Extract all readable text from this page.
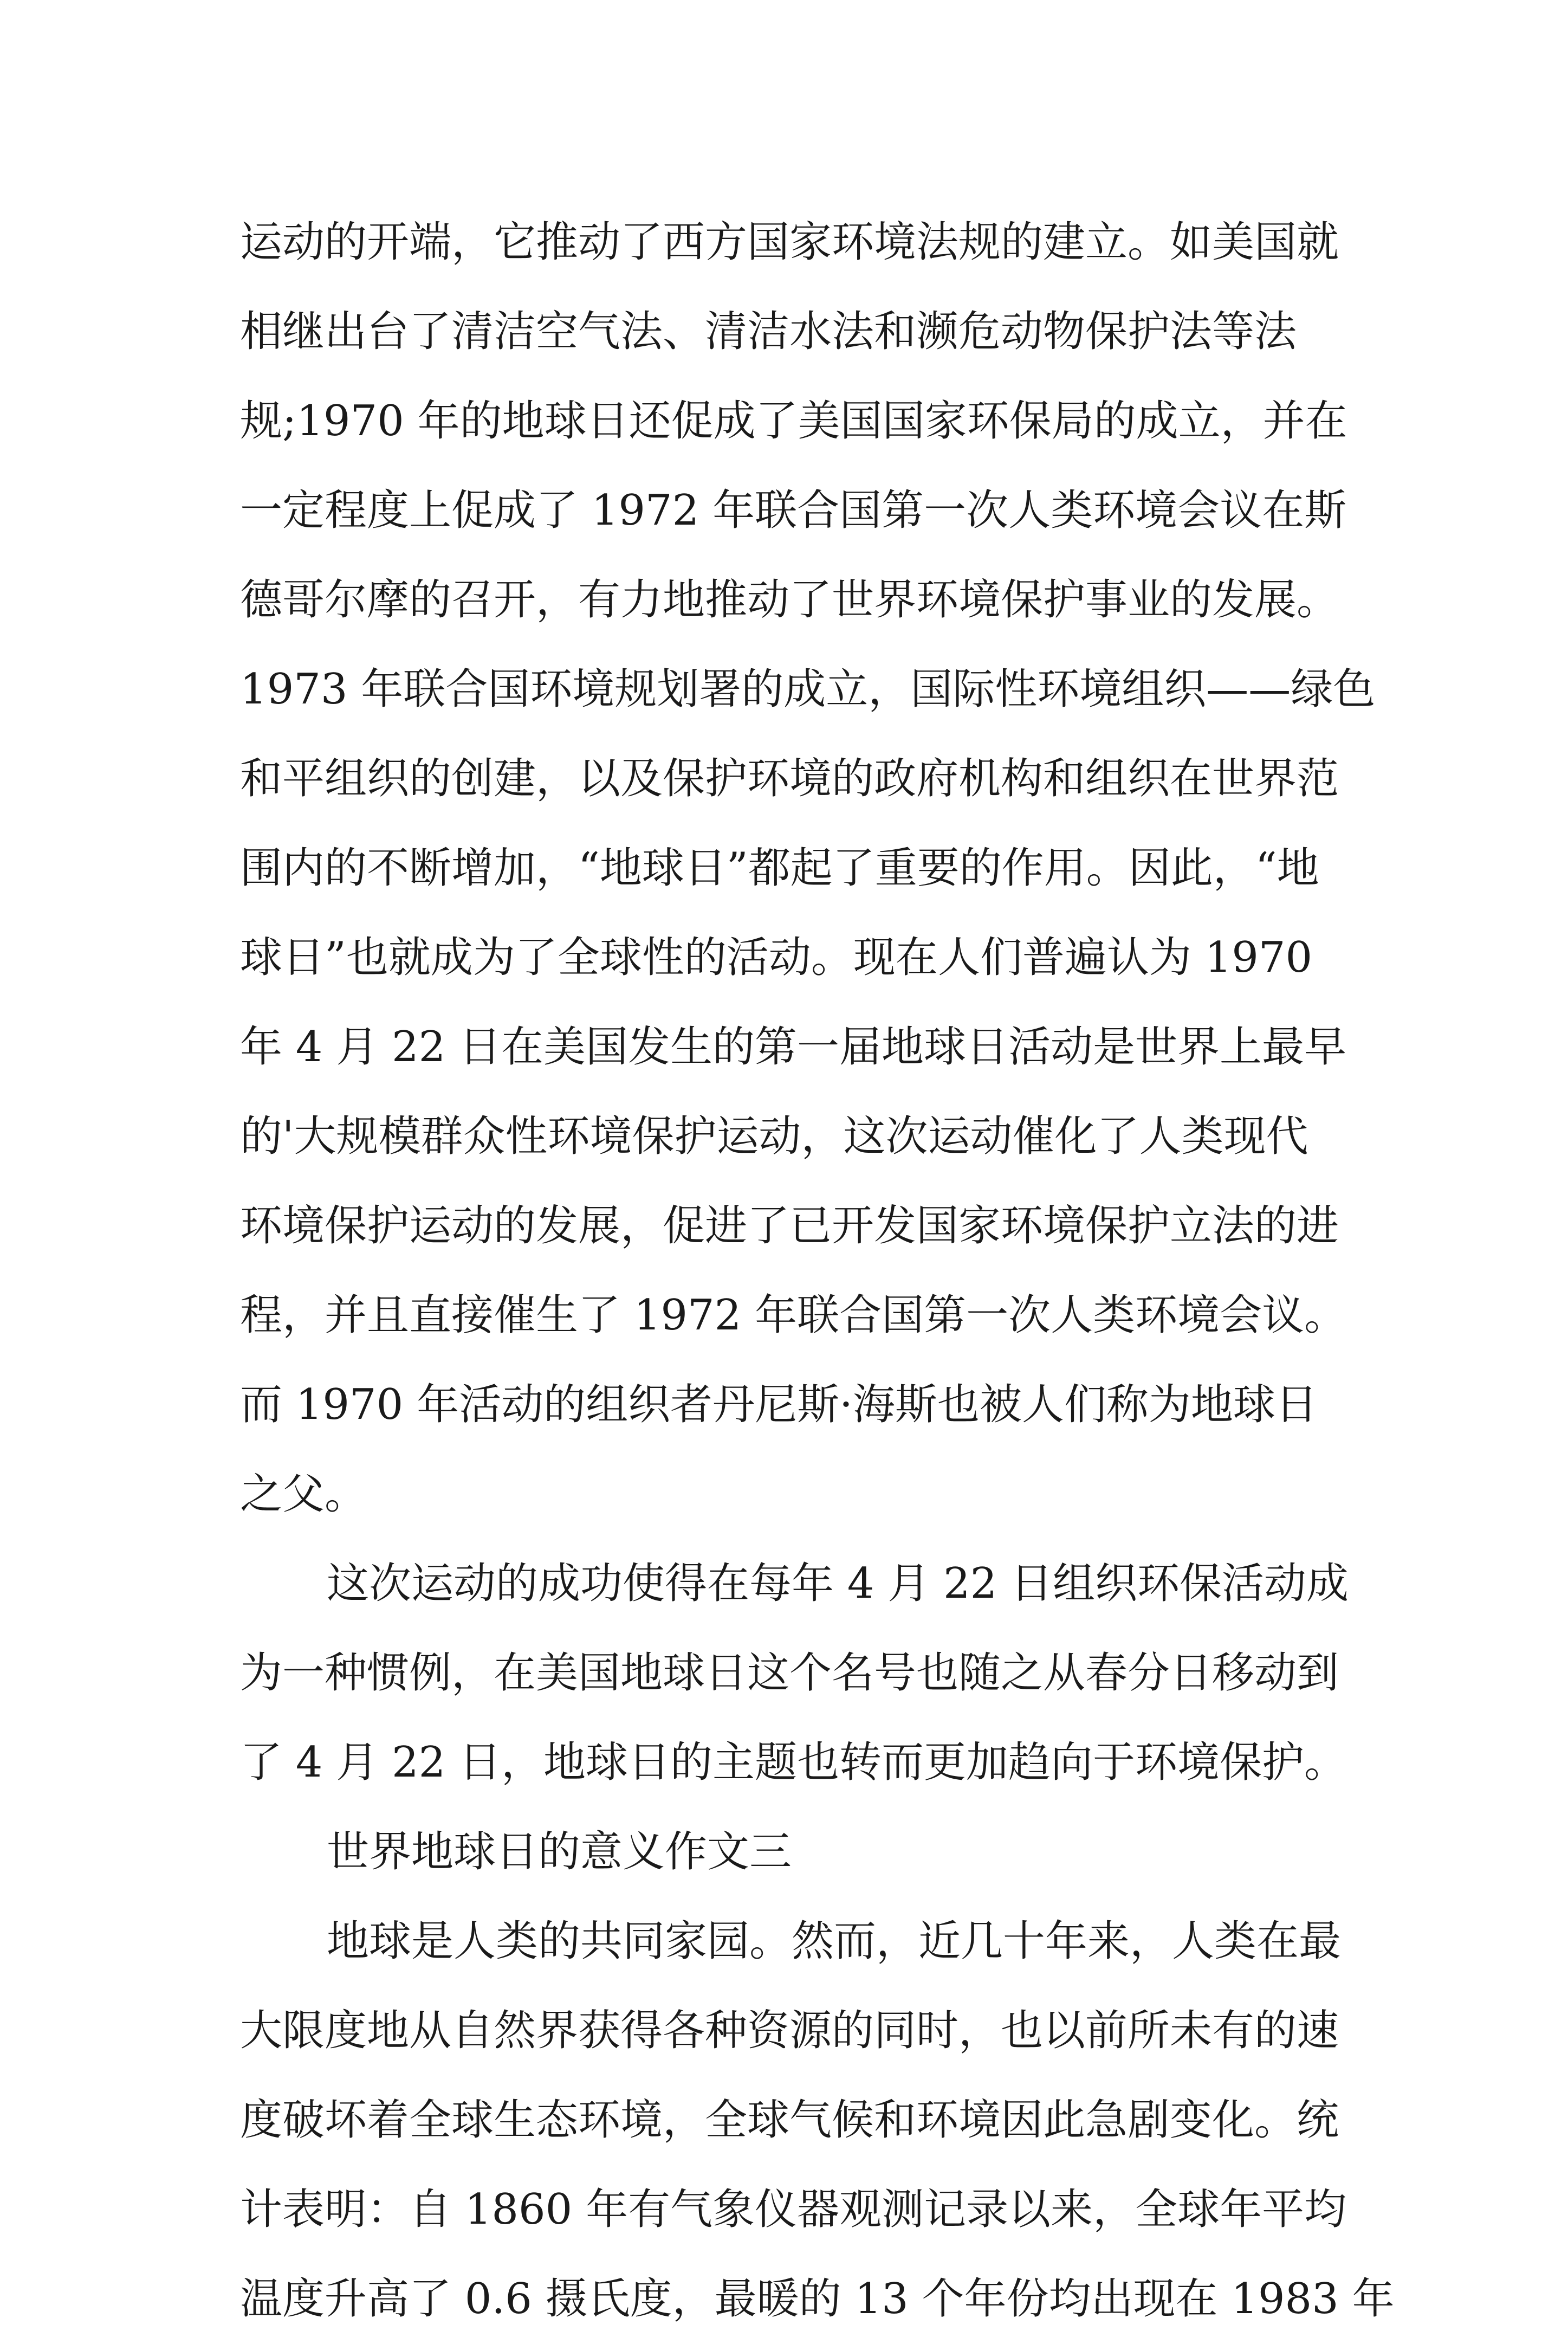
运动的开端，它推动了西方国家环境法规的建立。如美国就
相继出台了清洁空气法、清洁水法和濒危动物保护法等法
规;1970 年的地球日还促成了美国国家环保局的成立，并在
一定程度上促成了 1972 年联合国第一次人类环境会议在斯
德哥尔摩的召开，有力地推动了世界环境保护事业的发展。
1973 年联合国环境规划署的成立，国际性环境组织——绿色
和平组织的创建，以及保护环境的政府机构和组织在世界范
围内的不断增加，“地球日”都起了重要的作用。因此，“地
球日”也就成为了全球性的活动。现在人们普遍认为 1970
年 4 月 22 日在美国发生的第一届地球日活动是世界上最早
的'大规模群众性环境保护运动，这次运动催化了人类现代
环境保护运动的发展，促进了已开发国家环境保护立法的进
程，并且直接催生了 1972 年联合国第一次人类环境会议。
而 1970 年活动的组织者丹尼斯·海斯也被人们称为地球日
之父。
这次运动的成功使得在每年 4 月 22 日组织环保活动成
为一种惯例，在美国地球日这个名号也随之从春分日移动到
了 4 月 22 日，地球日的主题也转而更加趋向于环境保护。
世界地球日的意义作文三
地球是人类的共同家园。然而，近几十年来，人类在最
大限度地从自然界获得各种资源的同时，也以前所未有的速
度破坏着全球生态环境，全球气候和环境因此急剧变化。统
计表明：自 1860 年有气象仪器观测记录以来，全球年平均
温度升高了 0.6 摄氏度，最暖的 13 个年份均出现在 1983 年
